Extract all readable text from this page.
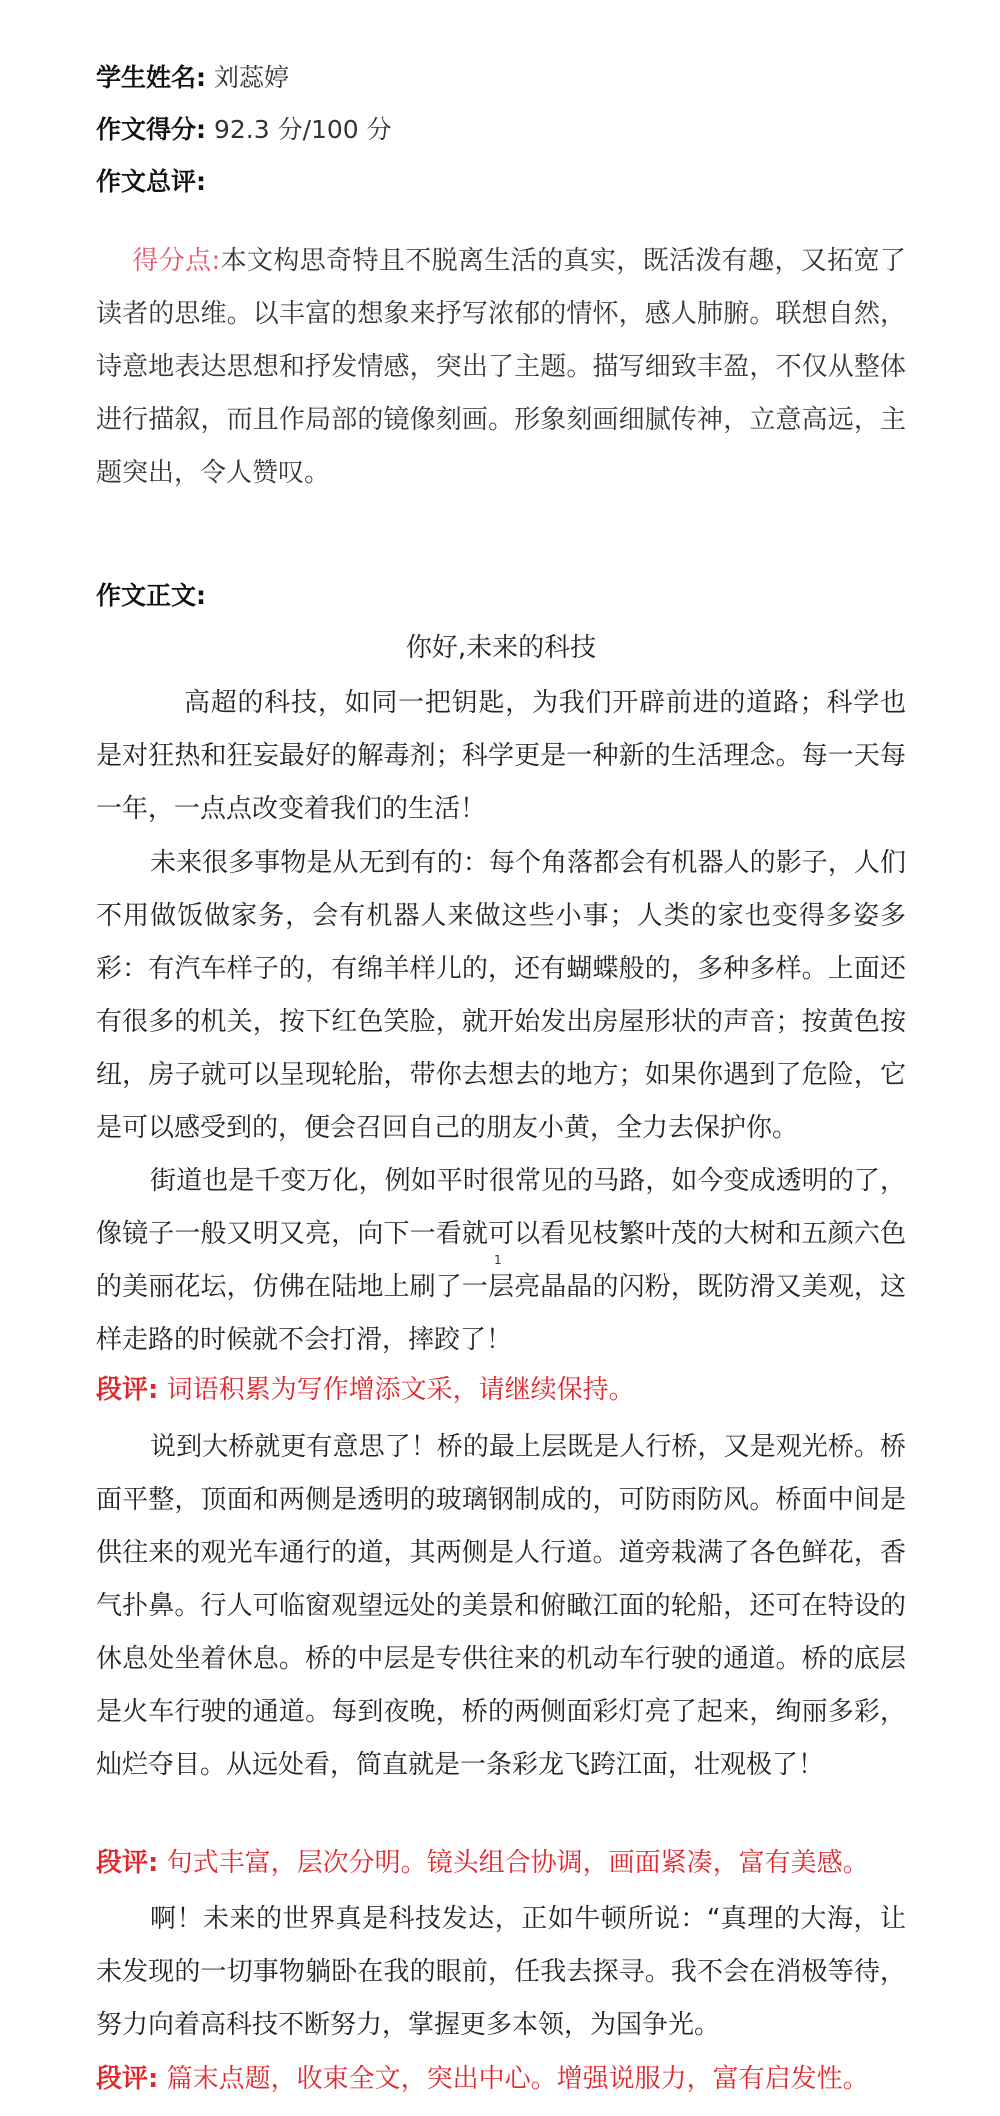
学生姓名: 刘蕊婷
作文得分: 92.3 分/100 分
作文总评:
得分点:本文构思奇特且不脱离生活的真实，既活泼有趣，又拓宽了读者的思维。以丰富的想象来抒写浓郁的情怀，感人肺腑。联想自然，诗意地表达思想和抒发情感，突出了主题。描写细致丰盈，不仅从整体进行描叙，而且作局部的镜像刻画。形象刻画细腻传神，立意高远，主题突出，令人赞叹。
作文正文:
你好,未来的科技
高超的科技，如同一把钥匙，为我们开辟前进的道路；科学也是对狂热和狂妄最好的解毒剂；科学更是一种新的生活理念。每一天每一年，一点点改变着我们的生活！
未来很多事物是从无到有的：每个角落都会有机器人的影子，人们不用做饭做家务，会有机器人来做这些小事；人类的家也变得多姿多彩：有汽车样子的，有绵羊样儿的，还有蝴蝶般的，多种多样。上面还有很多的机关，按下红色笑脸，就开始发出房屋形状的声音；按黄色按纽，房子就可以呈现轮胎，带你去想去的地方；如果你遇到了危险，它是可以感受到的，便会召回自己的朋友小黄，全力去保护你。
街道也是千变万化，例如平时很常见的马路，如今变成透明的了，像镜子一般又明又亮，向下一看就可以看见枝繁叶茂的大树和五颜六色的美丽花坛，仿佛在陆地上刷了一层亮晶晶的闪粉，既防滑又美观，这样走路的时候就不会打滑，摔跤了！
1
段评: 词语积累为写作增添文采，请继续保持。
说到大桥就更有意思了！桥的最上层既是人行桥，又是观光桥。桥面平整，顶面和两侧是透明的玻璃钢制成的，可防雨防风。桥面中间是供往来的观光车通行的道，其两侧是人行道。道旁栽满了各色鲜花，香气扑鼻。行人可临窗观望远处的美景和俯瞰江面的轮船，还可在特设的休息处坐着休息。桥的中层是专供往来的机动车行驶的通道。桥的底层是火车行驶的通道。每到夜晚，桥的两侧面彩灯亮了起来，绚丽多彩，灿烂夺目。从远处看，简直就是一条彩龙飞跨江面，壮观极了！
段评: 句式丰富，层次分明。镜头组合协调，画面紧凑，富有美感。
啊！未来的世界真是科技发达，正如牛顿所说：“真理的大海，让未发现的一切事物躺卧在我的眼前，任我去探寻。我不会在消极等待，努力向着高科技不断努力，掌握更多本领，为国争光。
段评: 篇末点题，收束全文，突出中心。增强说服力，富有启发性。
